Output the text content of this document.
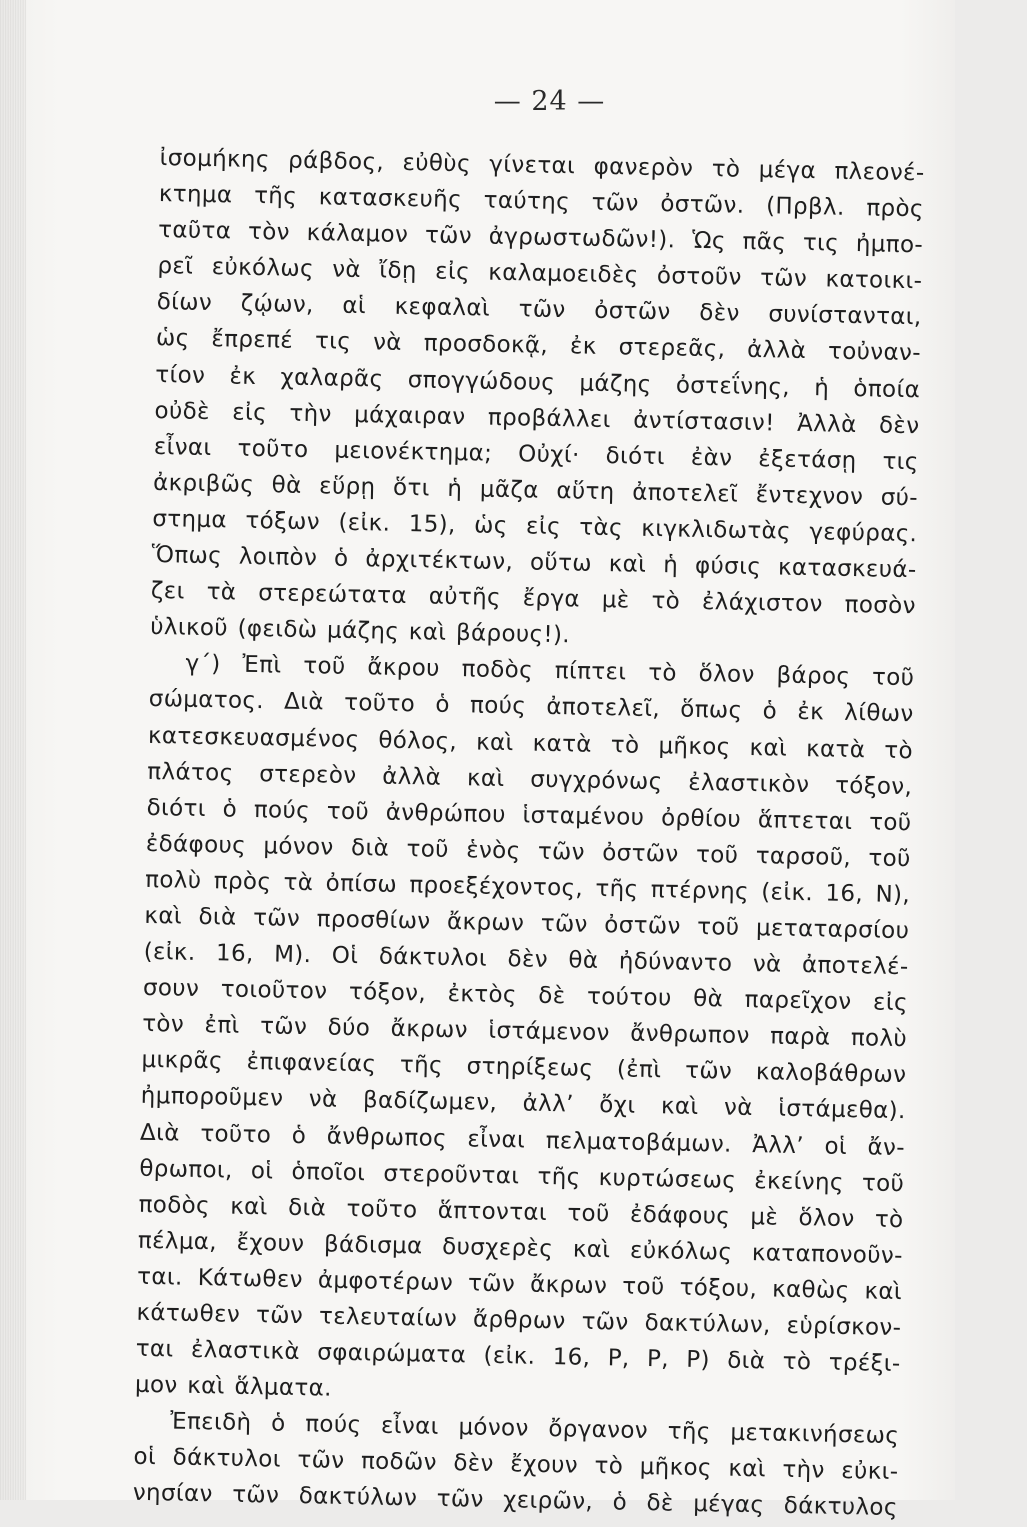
— 24 —
ἰσομήκης ράβδος, εὐθὺς γίνεται φανερὸν τὸ μέγα πλεονέ-
κτημα τῆς κατασκευῆς ταύτης τῶν ὀστῶν. (Πρβλ. πρὸς
ταῦτα τὸν κάλαμον τῶν ἀγρωστωδῶν!). Ὡς πᾶς τις ἠμπο-
ρεῖ εὐκόλως νὰ ἴδῃ εἰς καλαμοειδὲς ὀστοῦν τῶν κατοικι-
δίων ζῴων, αἱ κεφαλαὶ τῶν ὀστῶν δὲν συνίστανται,
ὡς ἔπρεπέ τις νὰ προσδοκᾷ, ἐκ στερεᾶς, ἀλλὰ τοὐναν-
τίον ἐκ χαλαρᾶς σπογγώδους μάζης ὀστεΐνης, ἡ ὁποία
οὐδὲ εἰς τὴν μάχαιραν προβάλλει ἀντίστασιν! Ἀλλὰ δὲν
εἶναι τοῦτο μειονέκτημα; Οὐχί· διότι ἐὰν ἐξετάσῃ τις
ἀκριβῶς θὰ εὕρῃ ὅτι ἡ μᾶζα αὕτη ἀποτελεῖ ἔντεχνον σύ-
στημα τόξων (εἰκ. 15), ὡς εἰς τὰς κιγκλιδωτὰς γεφύρας.
Ὅπως λοιπὸν ὁ ἀρχιτέκτων, οὕτω καὶ ἡ φύσις κατασκευά-
ζει τὰ στερεώτατα αὐτῆς ἔργα μὲ τὸ ἐλάχιστον ποσὸν
ὑλικοῦ (φειδὼ μάζης καὶ βάρους!).
γ΄) Ἐπὶ τοῦ ἄκρου ποδὸς πίπτει τὸ ὅλον βάρος τοῦ
σώματος. Διὰ τοῦτο ὁ πούς ἀποτελεῖ, ὅπως ὁ ἐκ λίθων
κατεσκευασμένος θόλος, καὶ κατὰ τὸ μῆκος καὶ κατὰ τὸ
πλάτος στερεὸν ἀλλὰ καὶ συγχρόνως ἐλαστικὸν τόξον,
διότι ὁ πούς τοῦ ἀνθρώπου ἱσταμένου ὀρθίου ἅπτεται τοῦ
ἐδάφους μόνον διὰ τοῦ ἑνὸς τῶν ὀστῶν τοῦ ταρσοῦ, τοῦ
πολὺ πρὸς τὰ ὀπίσω προεξέχοντος, τῆς πτέρνης (εἰκ. 16, Ν),
καὶ διὰ τῶν προσθίων ἄκρων τῶν ὀστῶν τοῦ μεταταρσίου
(εἰκ. 16, Μ). Οἱ δάκτυλοι δὲν θὰ ἠδύναντο νὰ ἀποτελέ-
σουν τοιοῦτον τόξον, ἐκτὸς δὲ τούτου θὰ παρεῖχον εἰς
τὸν ἐπὶ τῶν δύο ἄκρων ἱστάμενον ἄνθρωπον παρὰ πολὺ
μικρᾶς ἐπιφανείας τῆς στηρίξεως (ἐπὶ τῶν καλοβάθρων
ἠμποροῦμεν νὰ βαδίζωμεν, ἀλλ’ ὄχι καὶ νὰ ἱστάμεθα).
Διὰ τοῦτο ὁ ἄνθρωπος εἶναι πελματοβάμων. Ἀλλ’ οἱ ἄν-
θρωποι, οἱ ὁποῖοι στεροῦνται τῆς κυρτώσεως ἐκείνης τοῦ
ποδὸς καὶ διὰ τοῦτο ἅπτονται τοῦ ἐδάφους μὲ ὅλον τὸ
πέλμα, ἔχουν βάδισμα δυσχερὲς καὶ εὐκόλως καταπονοῦν-
ται. Κάτωθεν ἀμφοτέρων τῶν ἄκρων τοῦ τόξου, καθὼς καὶ
κάτωθεν τῶν τελευταίων ἄρθρων τῶν δακτύλων, εὑρίσκον-
ται ἐλαστικὰ σφαιρώματα (εἰκ. 16, Ρ, Ρ, Ρ) διὰ τὸ τρέξι-
μον καὶ ἅλματα.
Ἐπειδὴ ὁ πούς εἶναι μόνον ὄργανον τῆς μετακινήσεως
οἱ δάκτυλοι τῶν ποδῶν δὲν ἔχουν τὸ μῆκος καὶ τὴν εὐκι-
νησίαν τῶν δακτύλων τῶν χειρῶν, ὁ δὲ μέγας δάκτυλος
